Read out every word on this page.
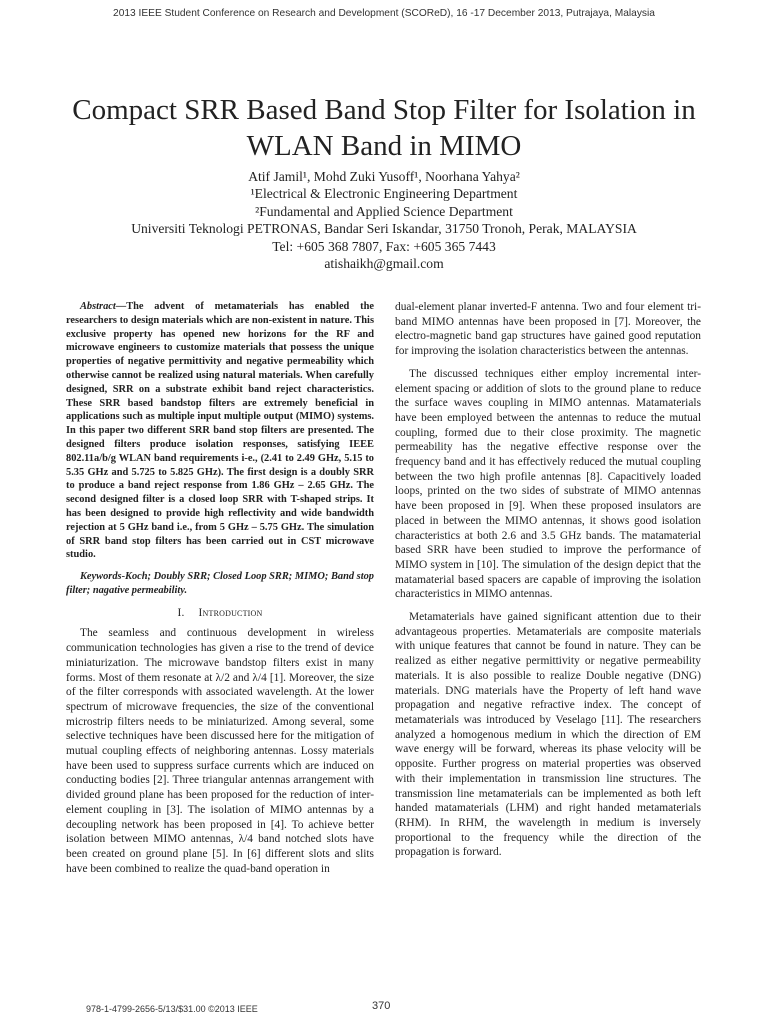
2013 IEEE Student Conference on Research and Development (SCOReD), 16 -17 December 2013, Putrajaya, Malaysia
Compact SRR Based Band Stop Filter for Isolation in WLAN Band in MIMO
Atif Jamil¹, Mohd Zuki Yusoff¹, Noorhana Yahya²
¹Electrical & Electronic Engineering Department
²Fundamental and Applied Science Department
Universiti Teknologi PETRONAS, Bandar Seri Iskandar, 31750 Tronoh, Perak, MALAYSIA
Tel: +605 368 7807, Fax: +605 365 7443
atishaikh@gmail.com

Abstract—The advent of metamaterials has enabled the researchers to design materials which are non-existent in nature. This exclusive property has opened new horizons for the RF and microwave engineers to customize materials that possess the unique properties of negative permittivity and negative permeability which otherwise cannot be realized using natural materials. When carefully designed, SRR on a substrate exhibit band reject characteristics. These SRR based bandstop filters are extremely beneficial in applications such as multiple input multiple output (MIMO) systems. In this paper two different SRR band stop filters are presented. The designed filters produce isolation responses, satisfying IEEE 802.11a/b/g WLAN band requirements i-e., (2.41 to 2.49 GHz, 5.15 to 5.35 GHz and 5.725 to 5.825 GHz). The first design is a doubly SRR to produce a band reject response from 1.86 GHz – 2.65 GHz. The second designed filter is a closed loop SRR with T-shaped strips. It has been designed to provide high reflectivity and wide bandwidth rejection at 5 GHz band i.e., from 5 GHz – 5.75 GHz. The simulation of SRR band stop filters has been carried out in CST microwave studio.

Keywords-Koch; Doubly SRR; Closed Loop SRR; MIMO; Band stop filter; nagative permeability.

I. Introduction

The seamless and continuous development in wireless communication technologies has given a rise to the trend of device miniaturization. The microwave bandstop filters exist in many forms. Most of them resonate at λ/2 and λ/4 [1]. Moreover, the size of the filter corresponds with associated wavelength. At the lower spectrum of microwave frequencies, the size of the conventional microstrip filters needs to be miniaturized. Among several, some selective techniques have been discussed here for the mitigation of mutual coupling effects of neighboring antennas. Lossy materials have been used to suppress surface currents which are induced on conducting bodies [2]. Three triangular antennas arrangement with divided ground plane has been proposed for the reduction of inter-element coupling in [3]. The isolation of MIMO antennas by a decoupling network has been proposed in [4]. To achieve better isolation between MIMO antennas, λ/4 band notched slots have been created on ground plane [5]. In [6] different slots and slits have been combined to realize the quad-band operation in

dual-element planar inverted-F antenna. Two and four element tri-band MIMO antennas have been proposed in [7]. Moreover, the electro-magnetic band gap structures have gained good reputation for improving the isolation characteristics between the antennas.

The discussed techniques either employ incremental inter-element spacing or addition of slots to the ground plane to reduce the surface waves coupling in MIMO antennas. Matamaterials have been employed between the antennas to reduce the mutual coupling, formed due to their close proximity. The magnetic permeability has the negative effective response over the frequency band and it has effectively reduced the mutual coupling between the two high profile antennas [8]. Capacitively loaded loops, printed on the two sides of substrate of MIMO antennas have been proposed in [9]. When these proposed insulators are placed in between the MIMO antennas, it shows good isolation characteristics at both 2.6 and 3.5 GHz bands. The matamaterial based SRR have been studied to improve the performance of MIMO system in [10]. The simulation of the design depict that the matamaterial based spacers are capable of improving the isolation characteristics in MIMO antennas.

Metamaterials have gained significant attention due to their advantageous properties. Metamaterials are composite materials with unique features that cannot be found in nature. They can be realized as either negative permittivity or negative permeability materials. It is also possible to realize Double negative (DNG) materials. DNG materials have the Property of left hand wave propagation and negative refractive index. The concept of metamaterials was introduced by Veselago [11]. The researchers analyzed a homogenous medium in which the direction of EM wave energy will be forward, whereas its phase velocity will be opposite. Further progress on material properties was observed with their implementation in transmission line structures. The transmission line metamaterials can be implemented as both left handed matamaterials (LHM) and right handed metamaterials (RHM). In RHM, the wavelength in medium is inversely proportional to the frequency while the direction of the propagation is forward.

978-1-4799-2656-5/13/$31.00 ©2013 IEEE	370
